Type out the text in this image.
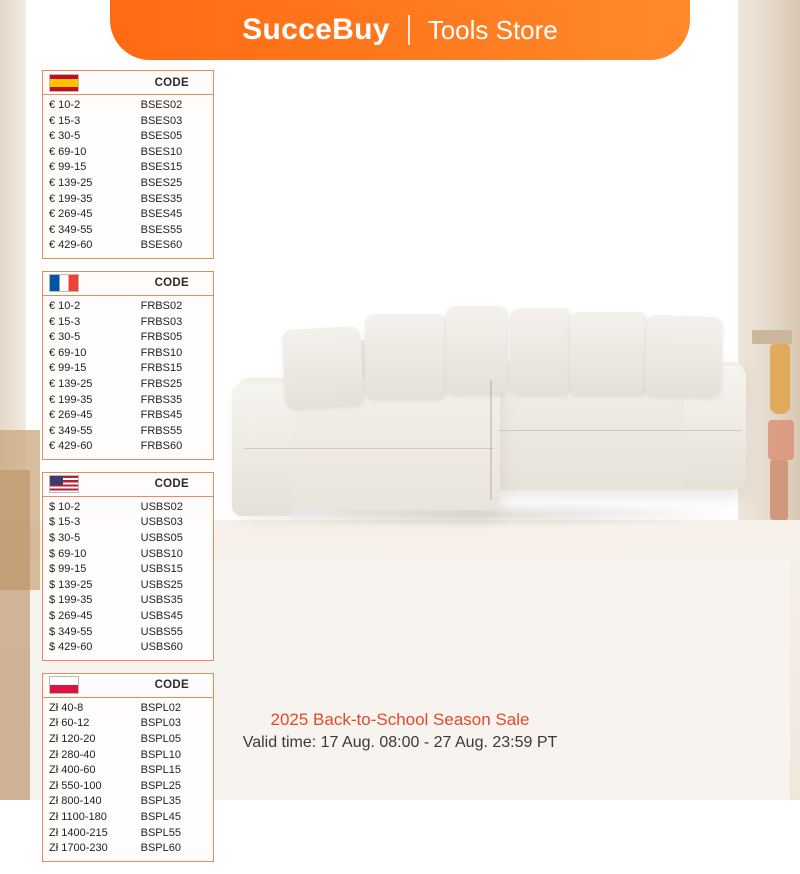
SucceBuy Tools Store
CODE
€ 10-2	BSES02
€ 15-3	BSES03
€ 30-5	BSES05
€ 69-10	BSES10
€ 99-15	BSES15
€ 139-25	BSES25
€ 199-35	BSES35
€ 269-45	BSES45
€ 349-55	BSES55
€ 429-60	BSES60
CODE
€ 10-2	FRBS02
€ 15-3	FRBS03
€ 30-5	FRBS05
€ 69-10	FRBS10
€ 99-15	FRBS15
€ 139-25	FRBS25
€ 199-35	FRBS35
€ 269-45	FRBS45
€ 349-55	FRBS55
€ 429-60	FRBS60
CODE
$ 10-2	USBS02
$ 15-3	USBS03
$ 30-5	USBS05
$ 69-10	USBS10
$ 99-15	USBS15
$ 139-25	USBS25
$ 199-35	USBS35
$ 269-45	USBS45
$ 349-55	USBS55
$ 429-60	USBS60
CODE
Zł 40-8	BSPL02
Zł 60-12	BSPL03
Zł 120-20	BSPL05
Zł 280-40	BSPL10
Zł 400-60	BSPL15
Zł 550-100	BSPL25
Zł 800-140	BSPL35
Zł 1100-180	BSPL45
Zł 1400-215	BSPL55
Zł 1700-230	BSPL60
2025 Back-to-School Season Sale
Valid time: 17 Aug. 08:00 - 27 Aug. 23:59 PT
